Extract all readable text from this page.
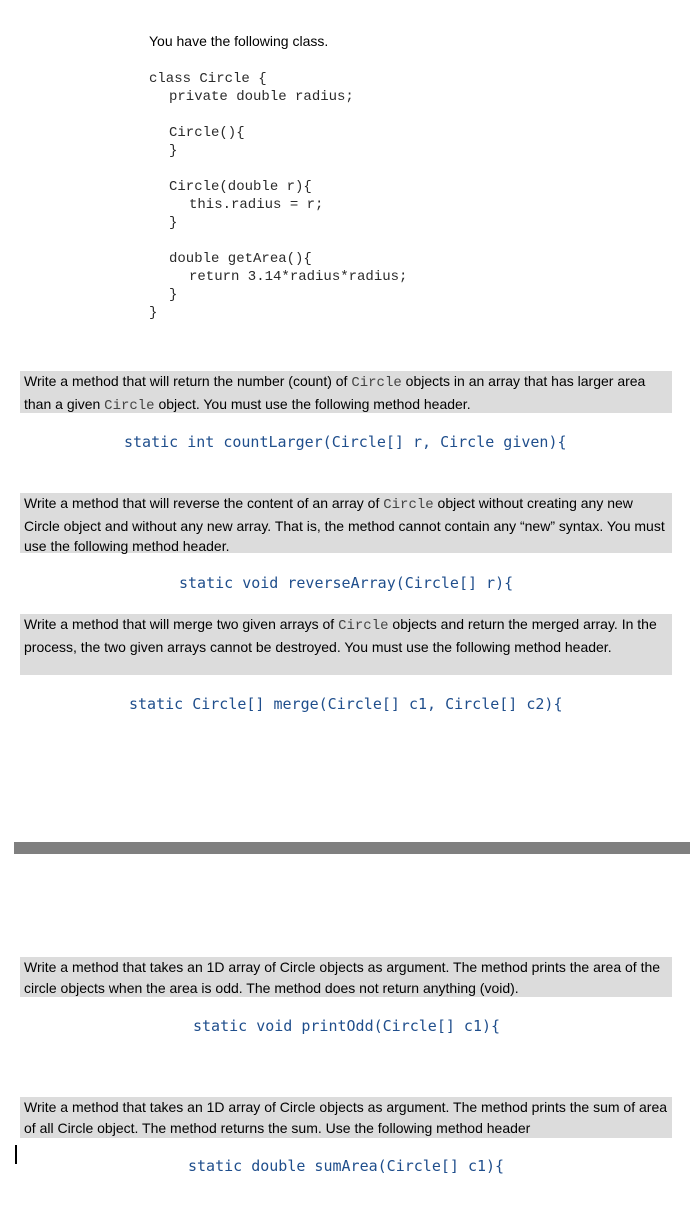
You have the following class.
class Circle {
private double radius;
Circle(){
}
Circle(double r){
this.radius = r;
}
double getArea(){
return 3.14*radius*radius;
}
}
Write a method that will return the number (count) of Circle objects in an array that has larger area than a given Circle object. You must use the following method header.
static int countLarger(Circle[] r, Circle given){
Write a method that will reverse the content of an array of Circle object without creating any new Circle object and without any new array. That is, the method cannot contain any “new” syntax. You must use the following method header.
static void reverseArray(Circle[] r){
Write a method that will merge two given arrays of Circle objects and return the merged array. In the process, the two given arrays cannot be destroyed. You must use the following method header.
static Circle[] merge(Circle[] c1, Circle[] c2){
Write a method that takes an 1D array of Circle objects as argument. The method prints the area of the circle objects when the area is odd. The method does not return anything (void).
static void printOdd(Circle[] c1){
Write a method that takes an 1D array of Circle objects as argument. The method prints the sum of area of all Circle object. The method returns the sum. Use the following method header
static double sumArea(Circle[] c1){
